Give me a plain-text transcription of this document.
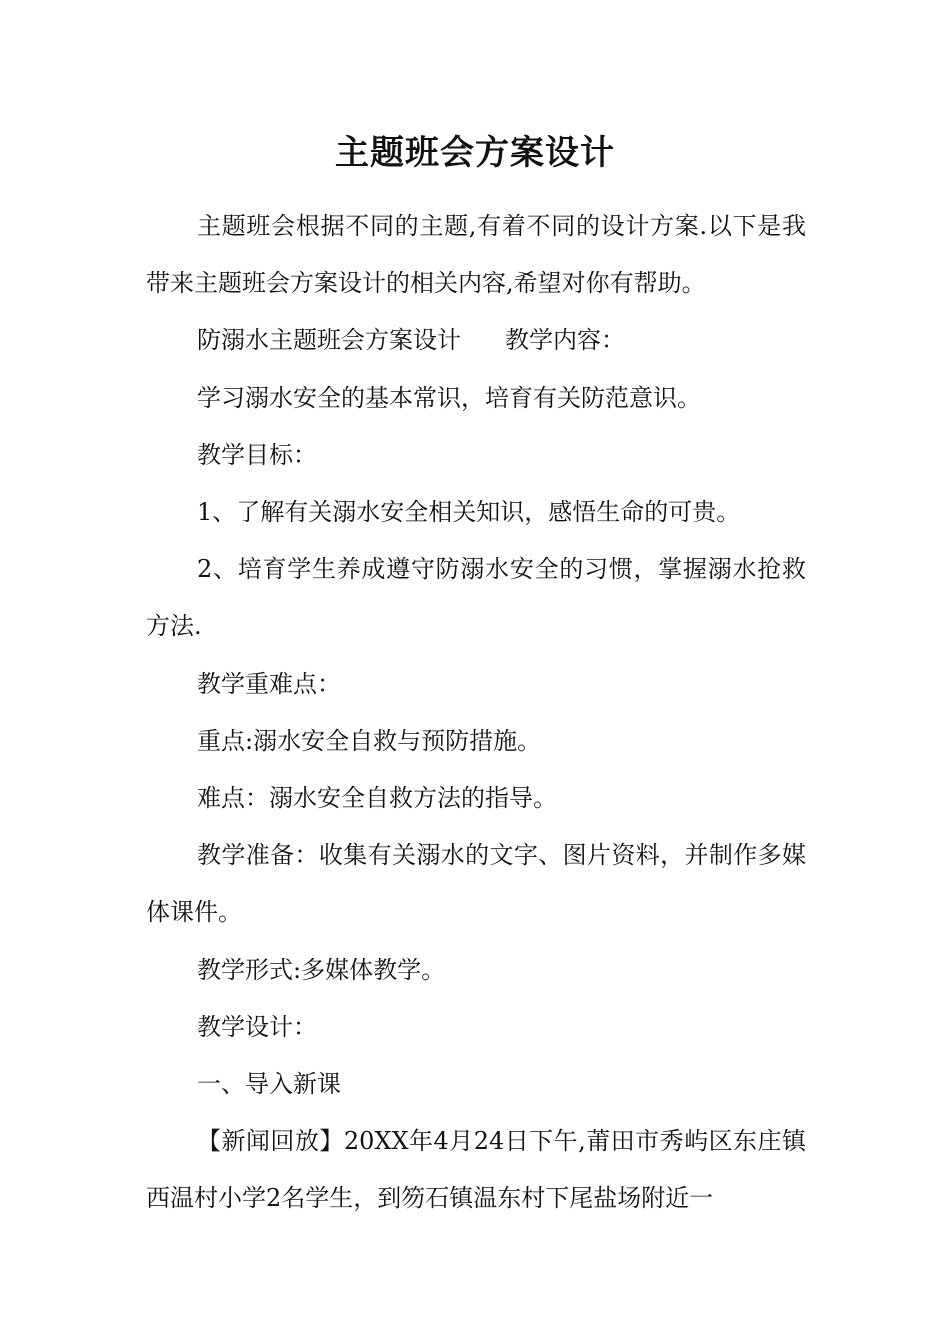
主题班会方案设计

主题班会根据不同的主题,有着不同的设计方案.以下是我带来主题班会方案设计的相关内容,希望对你有帮助。

防溺水主题班会方案设计 教学内容：

学习溺水安全的基本常识，培育有关防范意识。

教学目标：

1、了解有关溺水安全相关知识，感悟生命的可贵。

2、培育学生养成遵守防溺水安全的习惯，掌握溺水抢救方法.

教学重难点：

重点:溺水安全自救与预防措施。

难点：溺水安全自救方法的指导。

教学准备：收集有关溺水的文字、图片资料，并制作多媒体课件。

教学形式:多媒体教学。

教学设计：

一、导入新课

【新闻回放】20XX年4月24日下午,莆田市秀屿区东庄镇西温村小学2名学生，到笏石镇温东村下尾盐场附近一
